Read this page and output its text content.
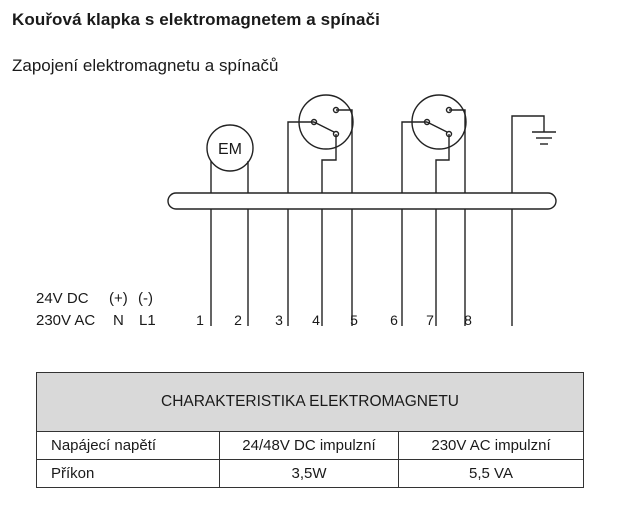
Kouřová klapka s elektromagnetem a spínači
Zapojení elektromagnetu a spínačů
EM
24V DC (+) (-)
230V AC N L1	1 2 3 4 5 6 7 8
CHARAKTERISTIKA ELEKTROMAGNETU		
Napájecí napětí	24/48V DC impulzní	230V AC impulzní
Příkon	3,5W	5,5 VA
